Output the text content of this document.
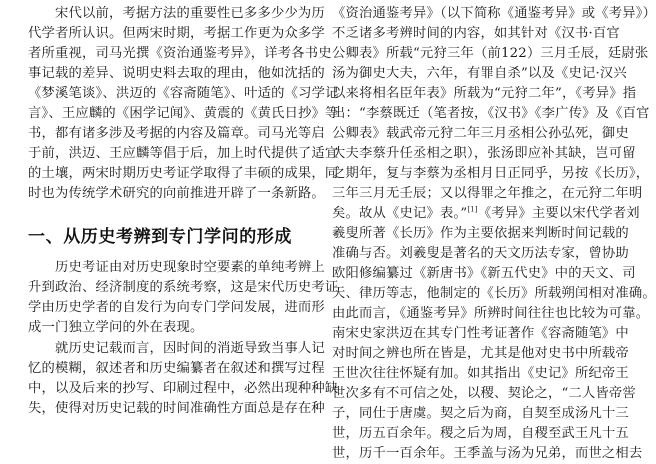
　　宋代以前，考据方法的重要性已多多少少为历
代学者所认识。但两宋时期，考据工作更为众多学
者所重视，司马光撰《资治通鉴考异》，详考各书史
事记载的差异、说明史料去取的理由，他如沈括的
《梦溪笔谈》、洪迈的《容斋随笔》、叶适的《习学记
言》、王应麟的《困学记闻》、黄震的《黄氏日抄》等
书，都有诸多涉及考据的内容及篇章。司马光等启
于前，洪迈、王应麟等倡于后，加上时代提供了适宜
的土壤，两宋时期历史考证学取得了丰硕的成果，同
时也为传统学术研究的向前推进开辟了一条新路。
　　历史考证由对历史现象时空要素的单纯考辨上
升到政治、经济制度的系统考察，这是宋代历史考证
学由历史学者的自发行为向专门学问发展，进而形
成一门独立学问的外在表现。
　　就历史记载而言，因时间的消逝导致当事人记
忆的模糊，叙述者和历史编纂者在叙述和撰写过程
中，以及后来的抄写、印刷过程中，必然出现种种缺
失，使得对历史记载的时间准确性方面总是存在种
一、从历史考辨到专门学问的形成
《资治通鉴考异》（以下简称《通鉴考异》或《考异》）
不乏诸多考辨时间的内容，如其针对《汉书·百官
公卿表》所载“元狩三年（前122）三月壬辰，廷尉张
汤为御史大夫，六年，有罪自杀”以及《史记·汉兴
以来将相名臣年表》所载为“元狩二年”，《考异》指
出：“李蔡既迁（笔者按，《汉书》《李广传》及《百官
公卿表》载武帝元狩二年三月丞相公孙弘死，御史
大夫李蔡升任丞相之职），张汤即应补其缺，岂可留
之期年，复与李蔡为丞相月日正同乎，另按《长历》，
三年三月无壬辰；又以得罪之年推之，在元狩二年明
矣。故从《史记》表。”[1]《考异》主要以宋代学者刘
羲叟所著《长历》作为主要依据来判断时间记载的
准确与否。刘羲叟是著名的天文历法专家，曾协助
欧阳修编纂过《新唐书》《新五代史》中的天文、司
天、律历等志，他制定的《长历》所载朔闰相对准确。
由此而言，《通鉴考异》所辨时间往往也比较为可靠。
南宋史家洪迈在其专门性考证著作《容斋随笔》中
对时间之辨也所在皆是，尤其是他对史书中所载帝
王世次往往怀疑有加。如其指出《史记》所纪帝王
世次多有不可信之处，以稷、契论之，“二人皆帝喾
子，同仕于唐虞。契之后为商，自契至成汤凡十三
世，历五百余年。稷之后为周，自稷至武王凡十五
世，历千一百余年。王季盖与汤为兄弟，而世之相去
